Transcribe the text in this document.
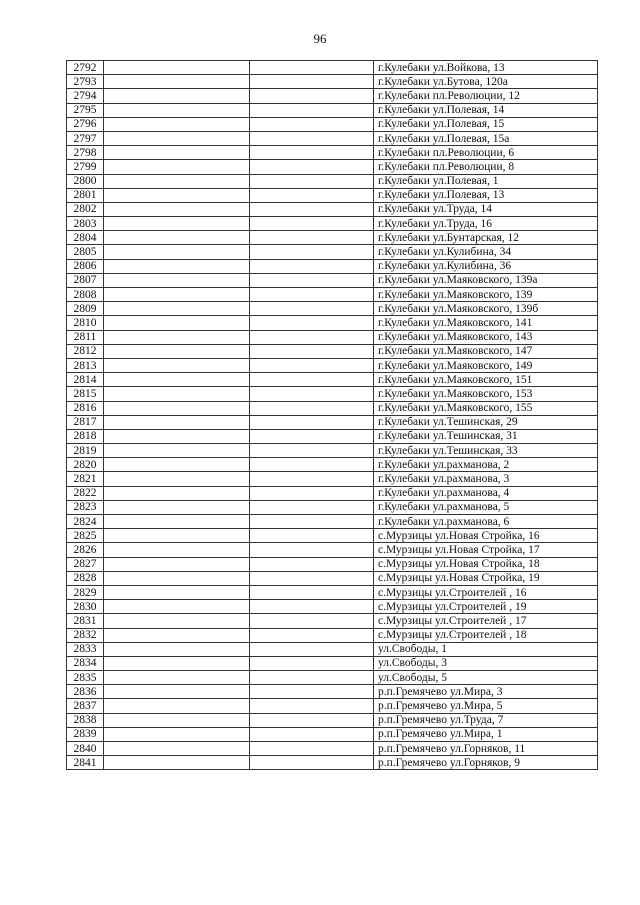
96
2792			г.Кулебаки ул.Войкова, 13
2793			г.Кулебаки ул.Бутова, 120а
2794			г.Кулебаки пл.Революции, 12
2795			г.Кулебаки ул.Полевая, 14
2796			г.Кулебаки ул.Полевая, 15
2797			г.Кулебаки ул.Полевая, 15а
2798			г.Кулебаки пл.Революции, 6
2799			г.Кулебаки пл.Революции, 8
2800			г.Кулебаки ул.Полевая, 1
2801			г.Кулебаки ул.Полевая, 13
2802			г.Кулебаки ул.Труда, 14
2803			г.Кулебаки ул.Труда, 16
2804			г.Кулебаки ул.Бунтарская, 12
2805			г.Кулебаки ул.Кулибина, 34
2806			г.Кулебаки ул.Кулибина, 36
2807			г.Кулебаки ул.Маяковского, 139а
2808			г.Кулебаки ул.Маяковского, 139
2809			г.Кулебаки ул.Маяковского, 139б
2810			г.Кулебаки ул.Маяковского, 141
2811			г.Кулебаки ул.Маяковского, 143
2812			г.Кулебаки ул.Маяковского, 147
2813			г.Кулебаки ул.Маяковского, 149
2814			г.Кулебаки ул.Маяковского, 151
2815			г.Кулебаки ул.Маяковского, 153
2816			г.Кулебаки ул.Маяковского, 155
2817			г.Кулебаки ул.Тешинская, 29
2818			г.Кулебаки ул.Тешинская, 31
2819			г.Кулебаки ул.Тешинская, 33
2820			г.Кулебаки ул.рахманова, 2
2821			г.Кулебаки ул.рахманова, 3
2822			г.Кулебаки ул.рахманова, 4
2823			г.Кулебаки ул.рахманова, 5
2824			г.Кулебаки ул.рахманова, 6
2825			с.Мурзицы ул.Новая Стройка, 16
2826			с.Мурзицы ул.Новая Стройка, 17
2827			с.Мурзицы ул.Новая Стройка, 18
2828			с.Мурзицы ул.Новая Стройка, 19
2829			с.Мурзицы ул.Строителей , 16
2830			с.Мурзицы ул.Строителей , 19
2831			с.Мурзицы ул.Строителей , 17
2832			с.Мурзицы ул.Строителей , 18
2833			ул.Свободы, 1
2834			ул.Свободы, 3
2835			ул.Свободы, 5
2836			р.п.Гремячево ул.Мира, 3
2837			р.п.Гремячево ул.Мира, 5
2838			р.п.Гремячево ул.Труда, 7
2839			р.п.Гремячево ул.Мира, 1
2840			р.п.Гремячево ул.Горняков, 11
2841			р.п.Гремячево ул.Горняков, 9
